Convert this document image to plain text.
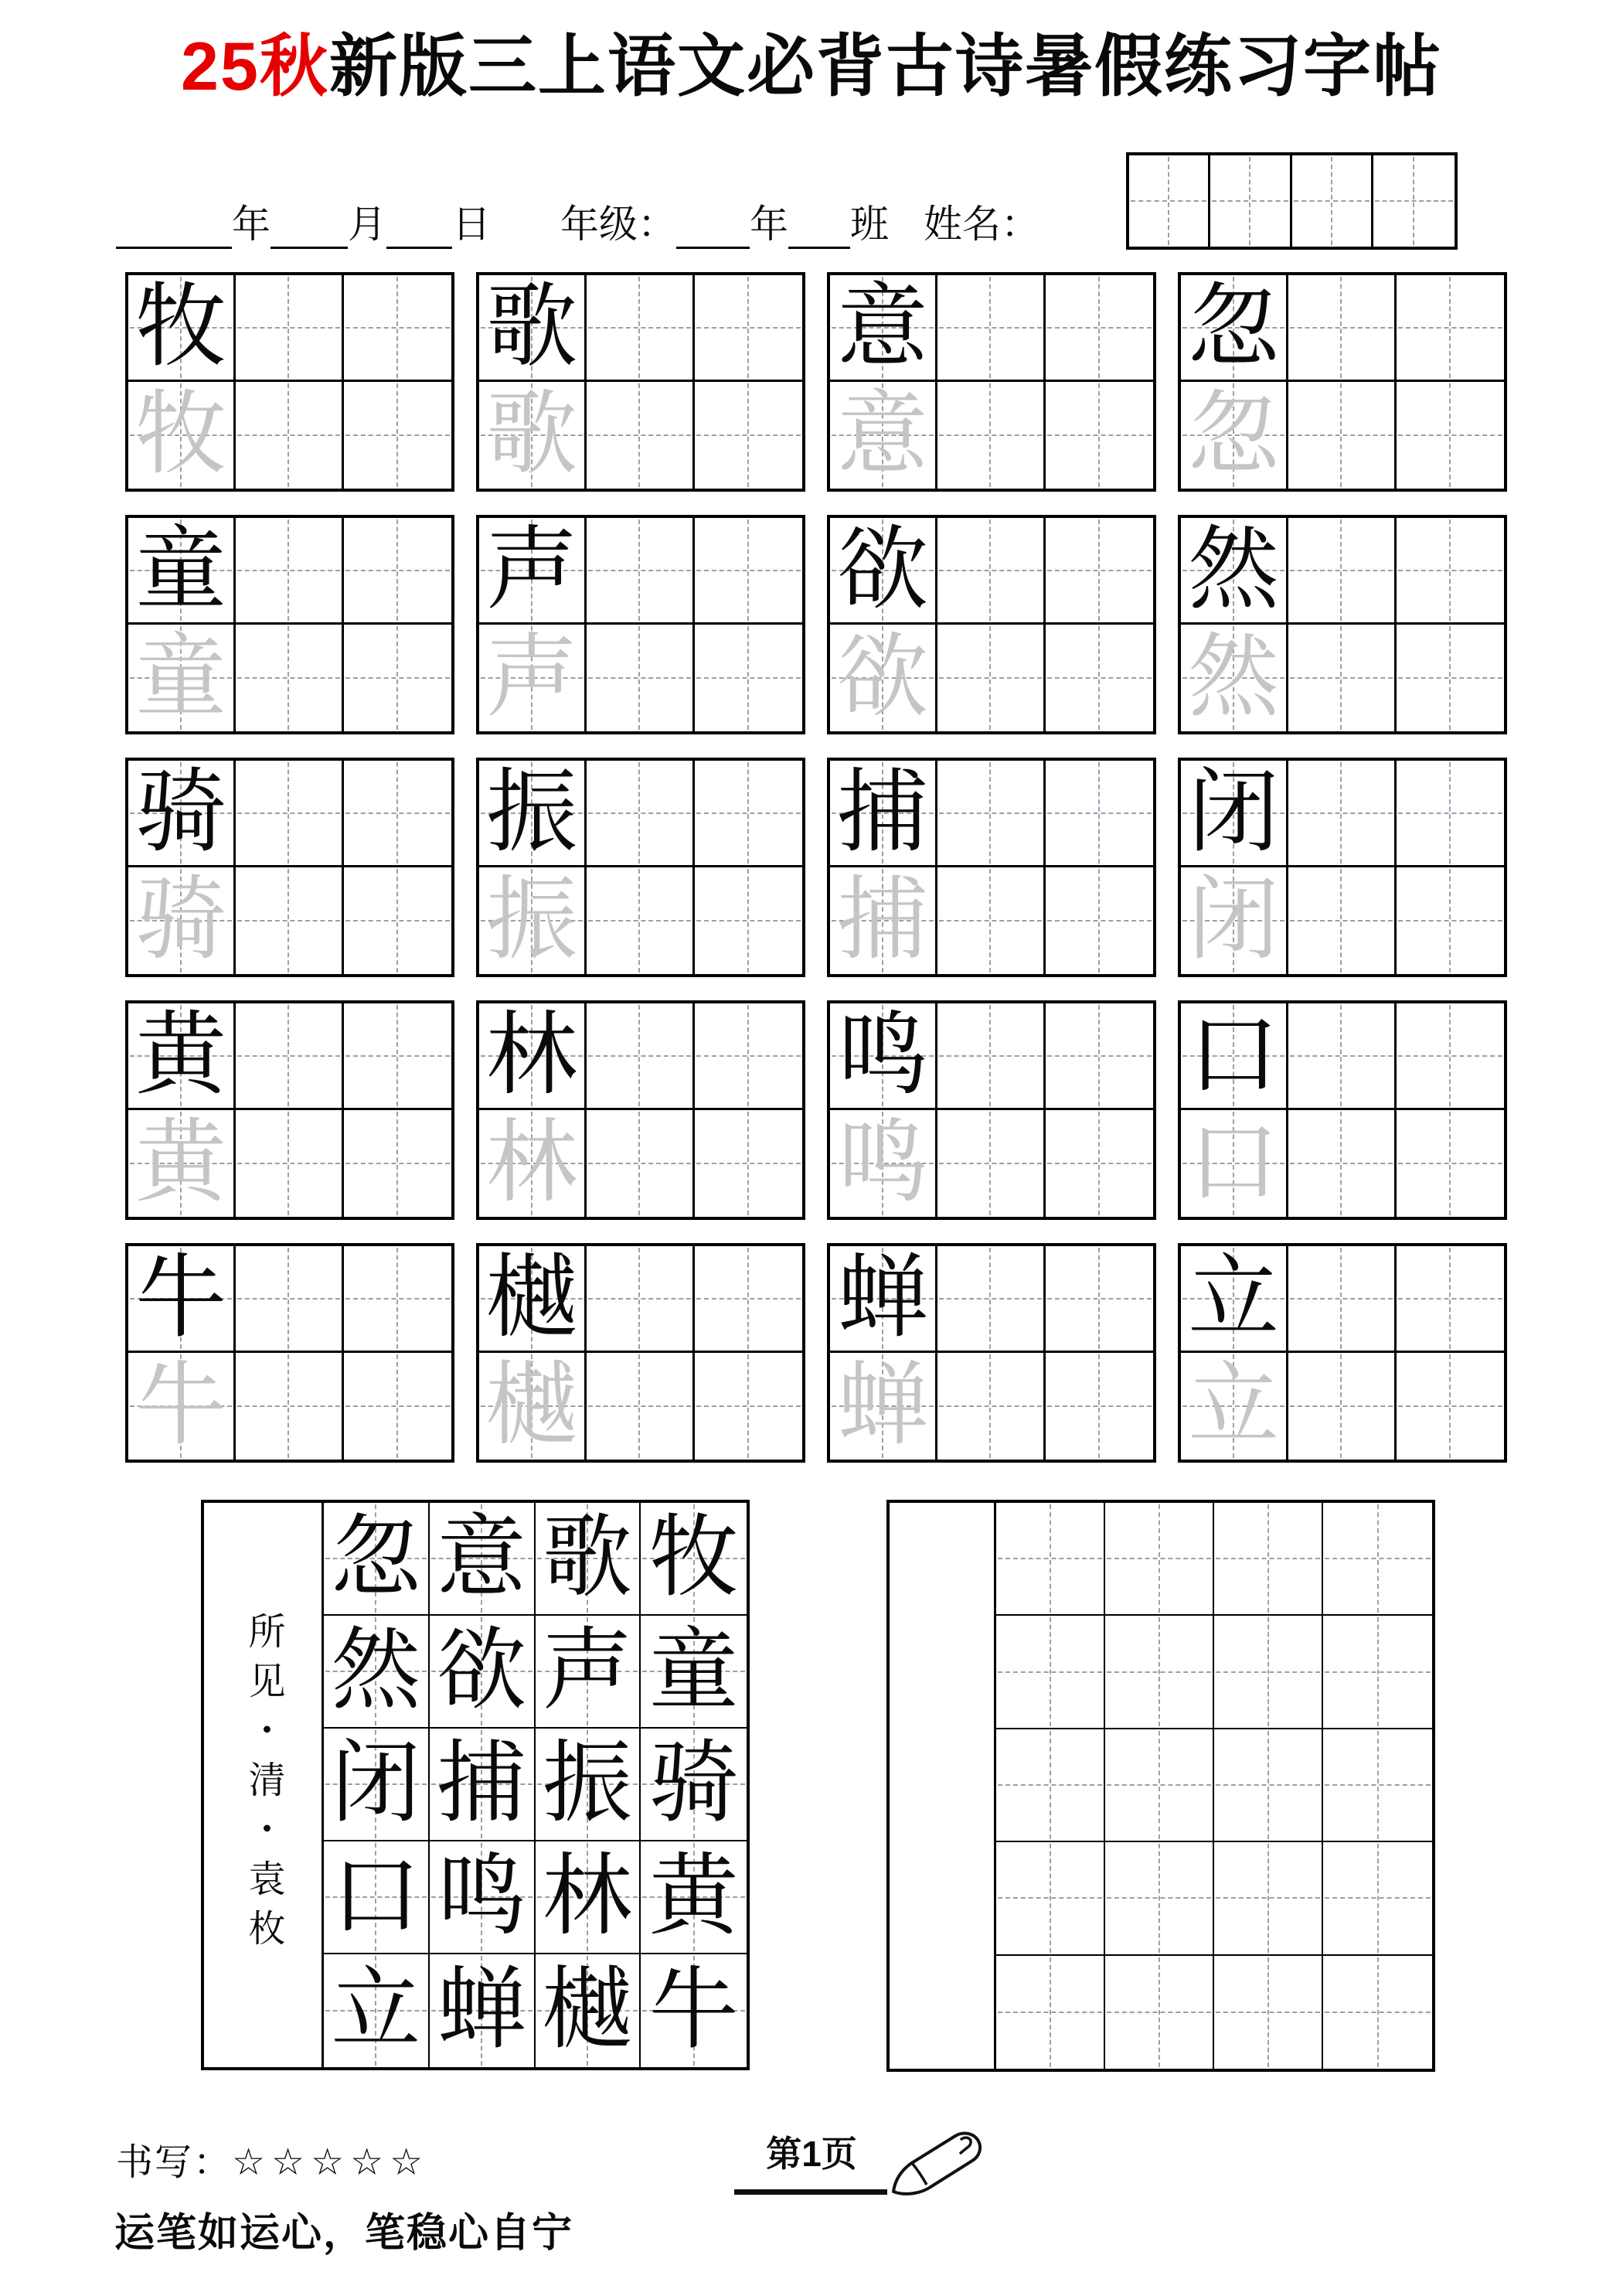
25秋新版三上语文必背古诗暑假练习字帖
年 月 日 年级： 年 班 姓名：
牧
牧
歌
歌
意
意
忽
忽
童
童
声
声
欲
欲
然
然
骑
骑
振
振
捕
捕
闭
闭
黄
黄
林
林
鸣
鸣
口
口
牛
牛
樾
樾
蝉
蝉
立
立
所见・清・袁枚
忽 意 歌 牧
然 欲 声 童
闭 捕 振 骑
口 鸣 林 黄
立 蝉 樾 牛
书写：☆☆☆☆☆	第1页
运笔如运心，笔稳心自宁
